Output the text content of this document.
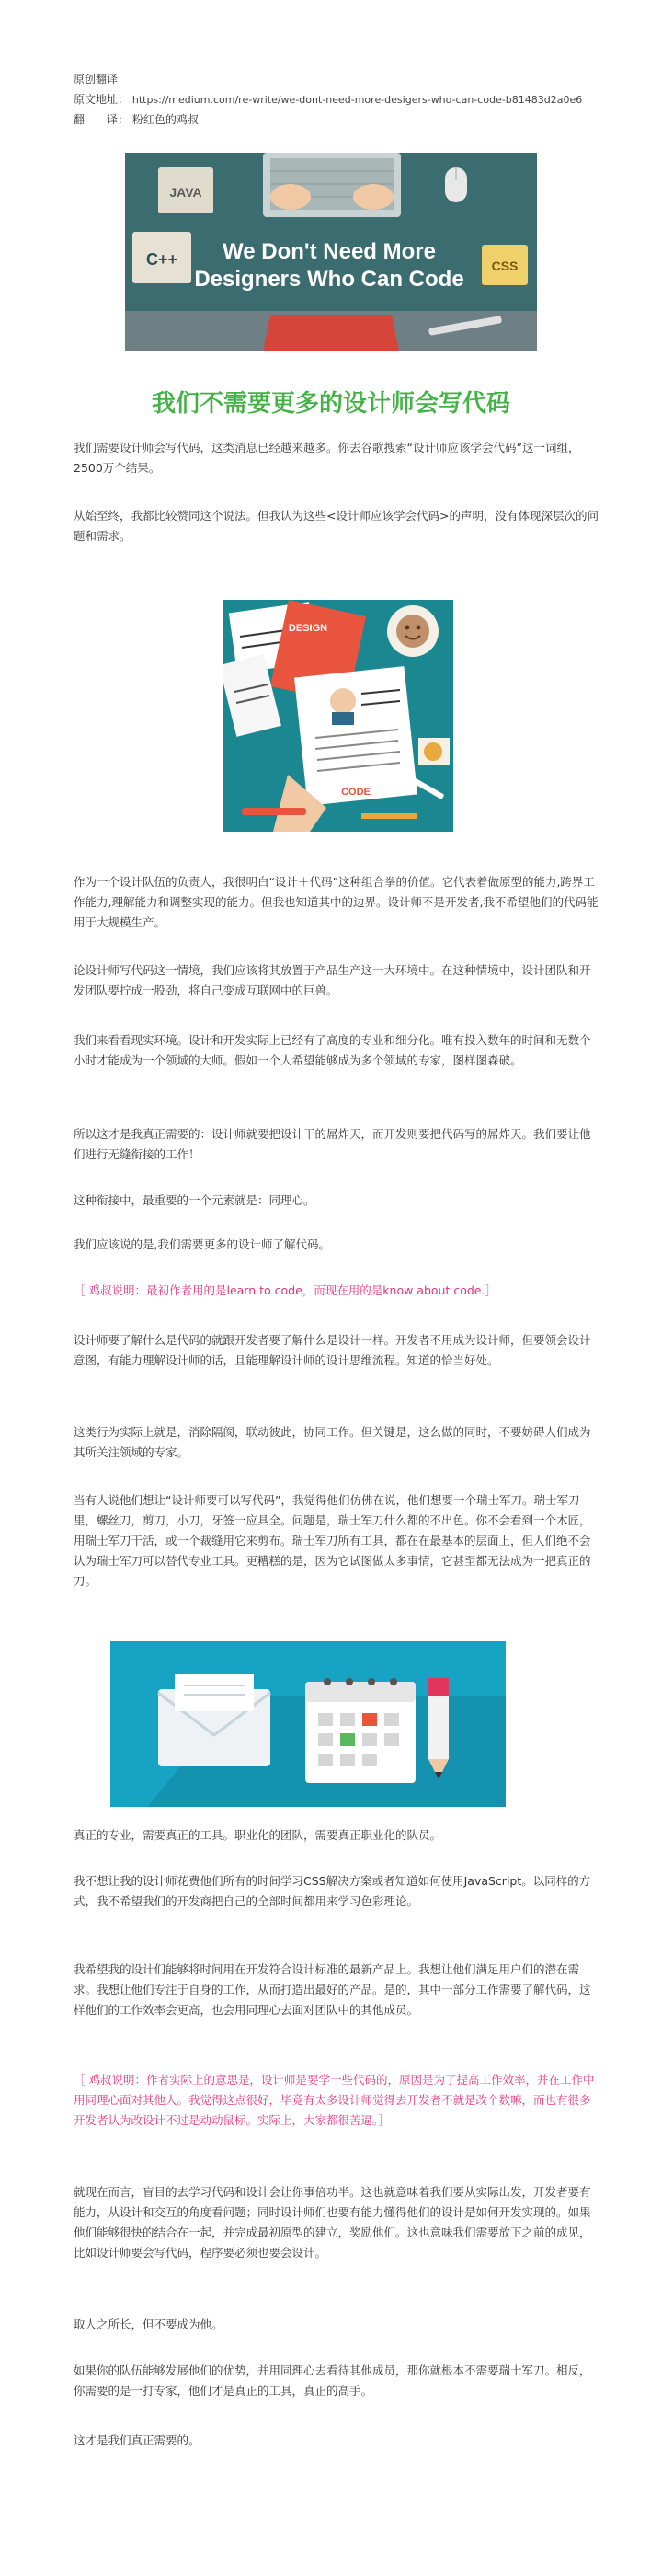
原创翻译
原文地址： https://medium.com/re-write/we-dont-need-more-desigers-who-can-code-b81483d2a0e6
翻　　译： 粉红色的鸡叔
JAVA
C++	CSS
We Don't Need More
Designers Who Can Code
我们不需要更多的设计师会写代码

我们需要设计师会写代码，这类消息已经越来越多。你去谷歌搜索“设计师应该学会代码”这一词组，2500万个结果。

从始至终，我都比较赞同这个说法。但我认为这些<设计师应该学会代码>的声明，没有体现深层次的问题和需求。

DESIGN
CODE

作为一个设计队伍的负责人，我很明白“设计＋代码”这种组合拳的价值。它代表着做原型的能力,跨界工作能力,理解能力和调整实现的能力。但我也知道其中的边界。设计师不是开发者,我不希望他们的代码能用于大规模生产。

论设计师写代码这一情境，我们应该将其放置于产品生产这一大环境中。在这种情境中，设计团队和开发团队要拧成一股劲，将自己变成互联网中的巨兽。

我们来看看现实环境。设计和开发实际上已经有了高度的专业和细分化。唯有投入数年的时间和无数个小时才能成为一个领域的大师。假如一个人希望能够成为多个领域的专家，图样图森破。

所以这才是我真正需要的：设计师就要把设计干的屌炸天，而开发则要把代码写的屌炸天。我们要让他们进行无缝衔接的工作！

这种衔接中，最重要的一个元素就是：同理心。

我们应该说的是,我们需要更多的设计师了解代码。

［ 鸡叔说明：最初作者用的是learn to code，而现在用的是know about code.］

设计师要了解什么是代码的就跟开发者要了解什么是设计一样。开发者不用成为设计师，但要领会设计意图，有能力理解设计师的话，且能理解设计师的设计思维流程。知道的恰当好处。

这类行为实际上就是，消除隔阂，联动彼此，协同工作。但关键是，这么做的同时，不要妨碍人们成为其所关注领域的专家。

当有人说他们想让“设计师要可以写代码”，我觉得他们仿佛在说，他们想要一个瑞士军刀。瑞士军刀里，螺丝刀，剪刀，小刀，牙签一应具全。问题是，瑞士军刀什么都的不出色。你不会看到一个木匠，用瑞士军刀干活，或一个裁缝用它来剪布。瑞士军刀所有工具，都在在最基本的层面上，但人们绝不会认为瑞士军刀可以替代专业工具。更糟糕的是，因为它试图做太多事情，它甚至都无法成为一把真正的刀。

真正的专业，需要真正的工具。职业化的团队，需要真正职业化的队员。

我不想让我的设计师花费他们所有的时间学习CSS解决方案或者知道如何使用JavaScript。以同样的方式，我不希望我们的开发商把自己的全部时间都用来学习色彩理论。

我希望我的设计们能够将时间用在开发符合设计标准的最新产品上。我想让他们满足用户们的潜在需求。我想让他们专注于自身的工作，从而打造出最好的产品。是的，其中一部分工作需要了解代码，这样他们的工作效率会更高，也会用同理心去面对团队中的其他成员。

［ 鸡叔说明：作者实际上的意思是，设计师是要学一些代码的，原因是为了提高工作效率，并在工作中用同理心面对其他人。我觉得这点很好，毕竟有太多设计师觉得去开发者不就是改个数嘛，而也有很多开发者认为改设计不过是动动鼠标。实际上，大家都很苦逼。］

就现在而言，盲目的去学习代码和设计会让你事倍功半。这也就意味着我们要从实际出发，开发者要有能力，从设计和交互的角度看问题；同时设计师们也要有能力懂得他们的设计是如何开发实现的。如果他们能够很快的结合在一起，并完成最初原型的建立，奖励他们。这也意味我们需要放下之前的成见，比如设计师要会写代码，程序要必须也要会设计。

取人之所长，但不要成为他。

如果你的队伍能够发展他们的优势，并用同理心去看待其他成员，那你就根本不需要瑞士军刀。相反，你需要的是一打专家，他们才是真正的工具，真正的高手。

这才是我们真正需要的。
